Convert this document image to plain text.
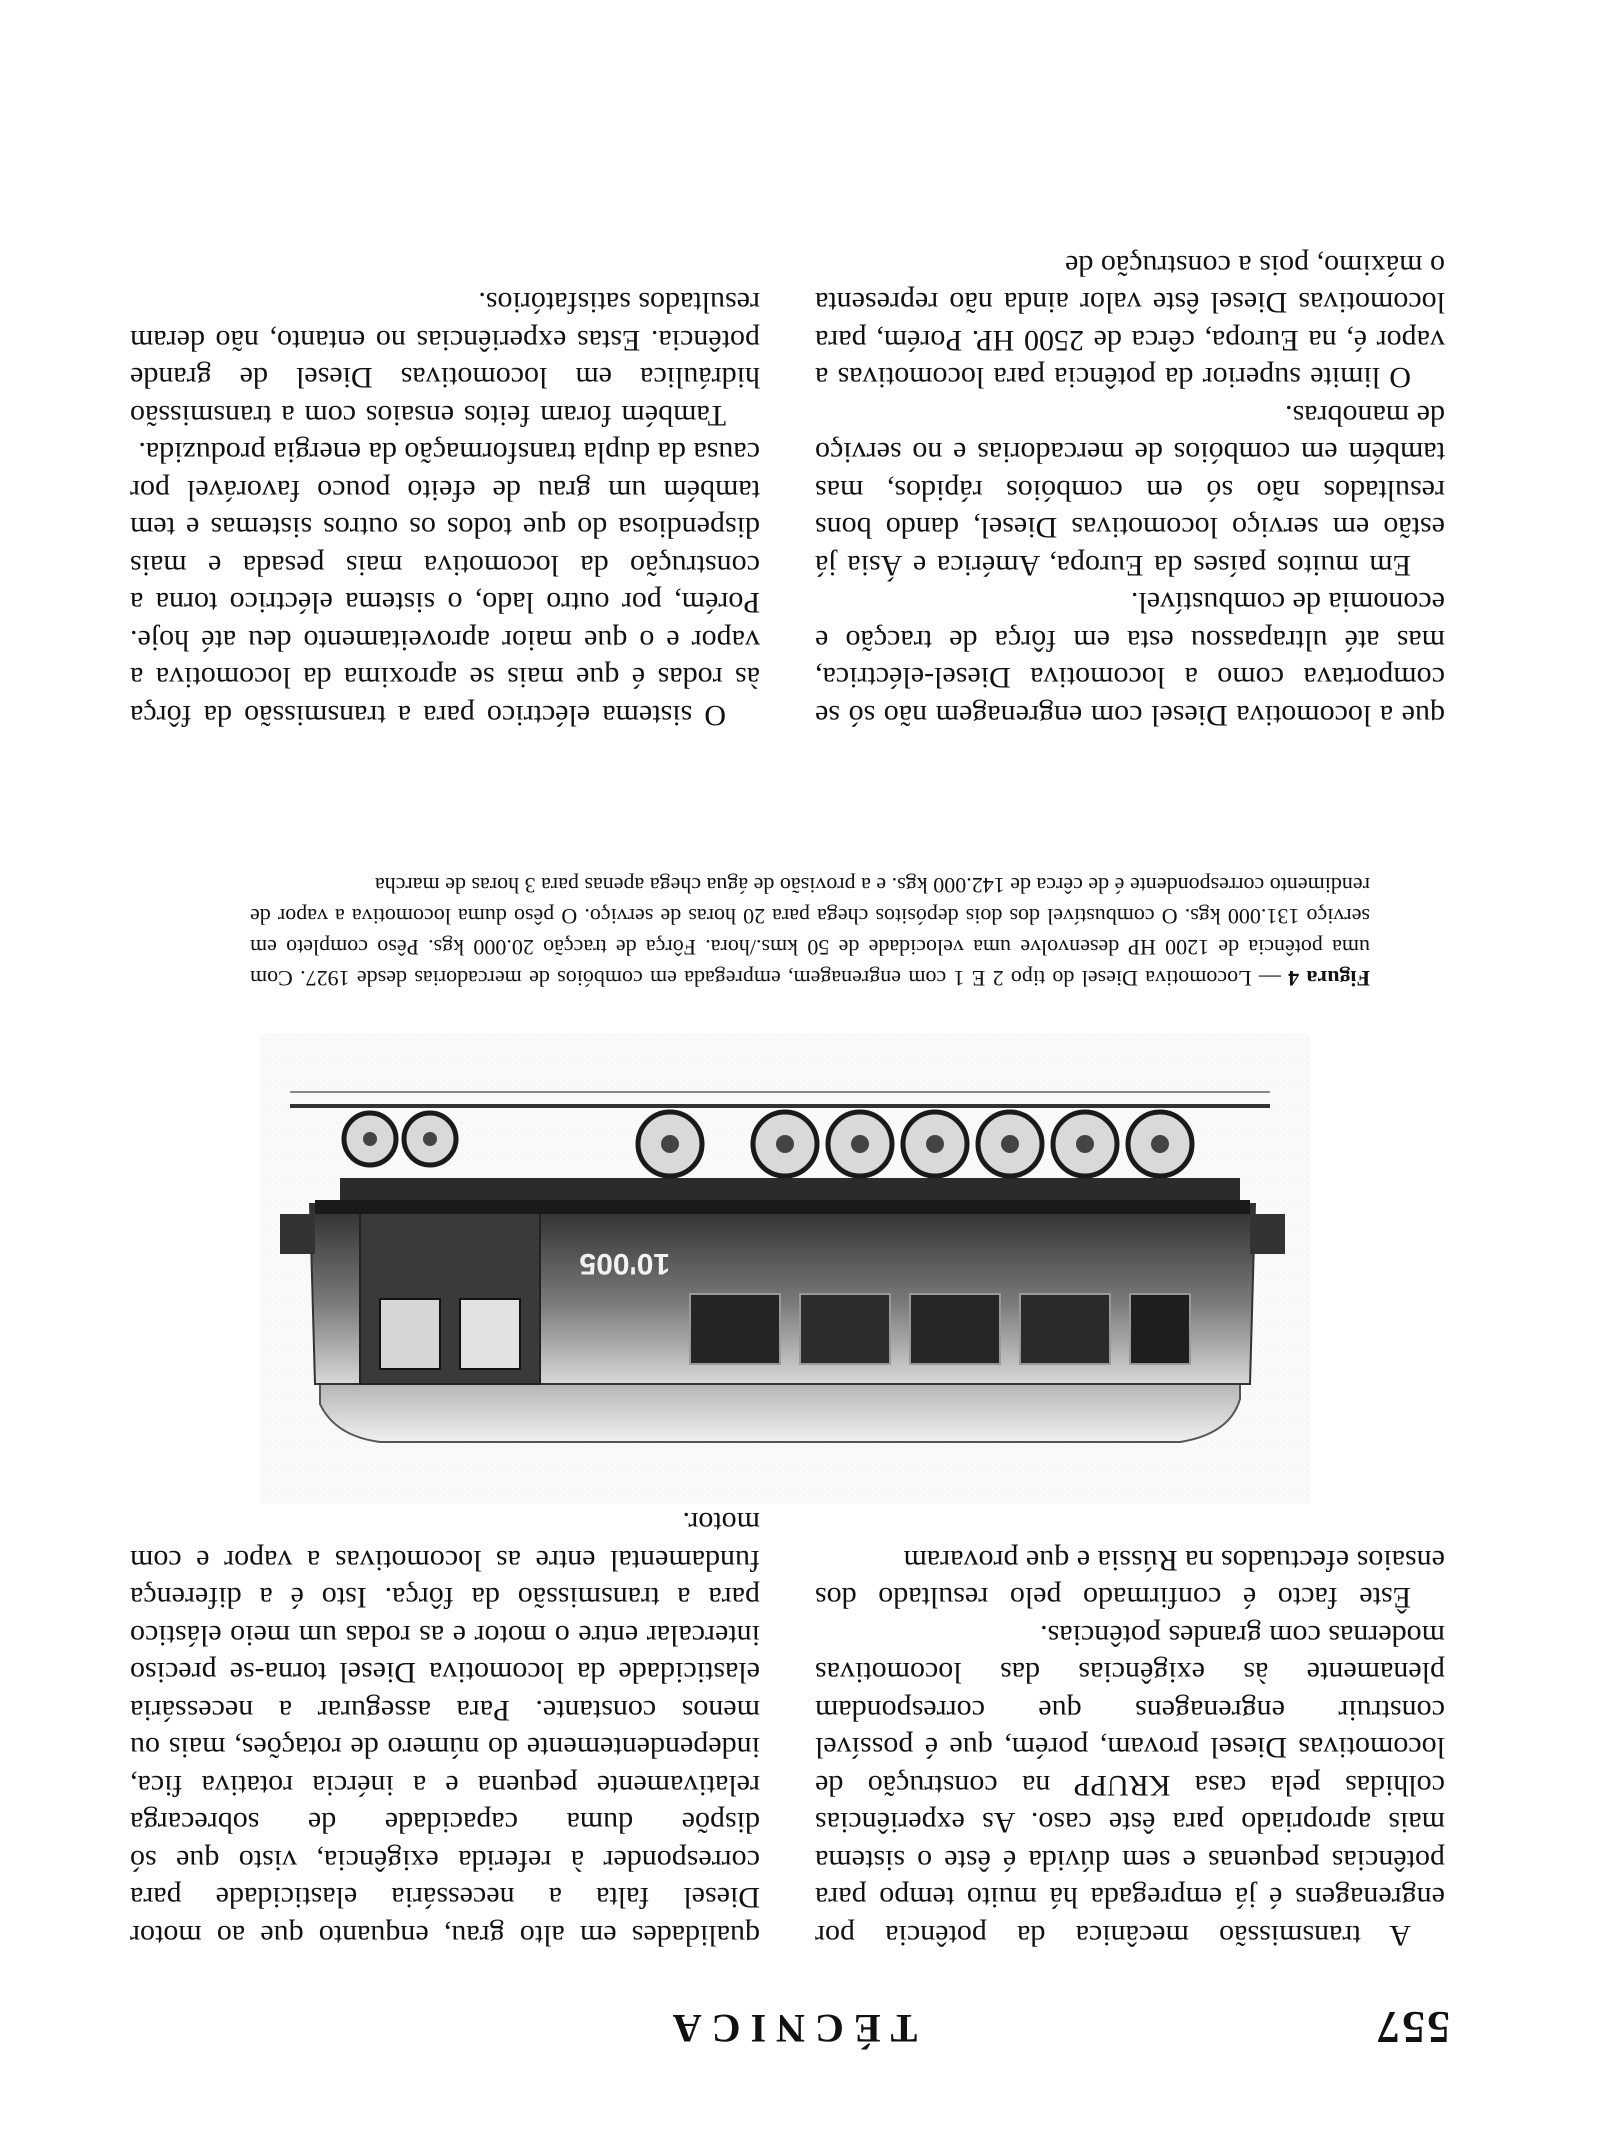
557
TÉCNICA

A transmissão mecânica da potência por engrenagens é já empregada há muito tempo para potências pequenas e sem dúvida é êste o sistema mais apropriado para êste caso. As experiências colhidas pela casa KRUPP na construção de locomotivas Diesel provam, porém, que é possível construir engrenagens que correspondam plenamente às exigências das locomotivas modernas com grandes potências.

Êste facto é confirmado pelo resultado dos ensaios efectuados na Rússia e que provaram

qualidades em alto grau, enquanto que ao motor Diesel falta a necessária elasticidade para corresponder à referida exigência, visto que só dispõe duma capacidade de sobrecarga relativamente pequena e a inércia rotativa fica, independentemente do número de rotações, mais ou menos constante. Para assegurar a necessária elasticidade da locomotiva Diesel torna-se preciso intercalar entre o motor e as rodas um meio elástico para a transmissão da fôrça. Isto é a diferença fundamental entre as locomotivas a vapor e com motor.

10'005

Figura 4 — Locomotiva Diesel do tipo 2 E 1 com engrenagem, empregada em combóios de mercadorias desde 1927. Com uma potência de 1200 HP desenvolve uma velocidade de 50 kms./hora. Fôrça de tracção 20.000 kgs. Pêso completo em serviço 131.000 kgs. O combustível dos dois depósitos chega para 20 horas de serviço. O pêso duma locomotiva a vapor de rendimento correspondente é de cêrca de 142.000 kgs. e a provisão de água chega apenas para 3 horas de marcha

que a locomotiva Diesel com engrenagem não só se comportava como a locomotiva Diesel-eléctrica, mas até ultrapassou esta em fôrça de tracção e economia de combustível.

Em muitos países da Europa, América e Ásia já estão em serviço locomotivas Diesel, dando bons resultados não só em combóios rápidos, mas também em combóios de mercadorias e no serviço de manobras.

O limite superior da potência para locomotivas a vapor é, na Europa, cêrca de 2500 HP. Porém, para locomotivas Diesel êste valor ainda não representa o máximo, pois a construção de

O sistema eléctrico para a transmissão da fôrça às rodas é que mais se aproxima da locomotiva a vapor e o que maior aproveitamento deu até hoje. Porém, por outro lado, o sistema eléctrico torna a construção da locomotiva mais pesada e mais dispendiosa do que todos os outros sistemas e tem também um grau de efeito pouco favorável por causa da dupla transformação da energia produzida.

Também foram feitos ensaios com a transmissão hidráulica em locomotivas Diesel de grande potência. Estas experiências no entanto, não deram resultados satisfatórios.
